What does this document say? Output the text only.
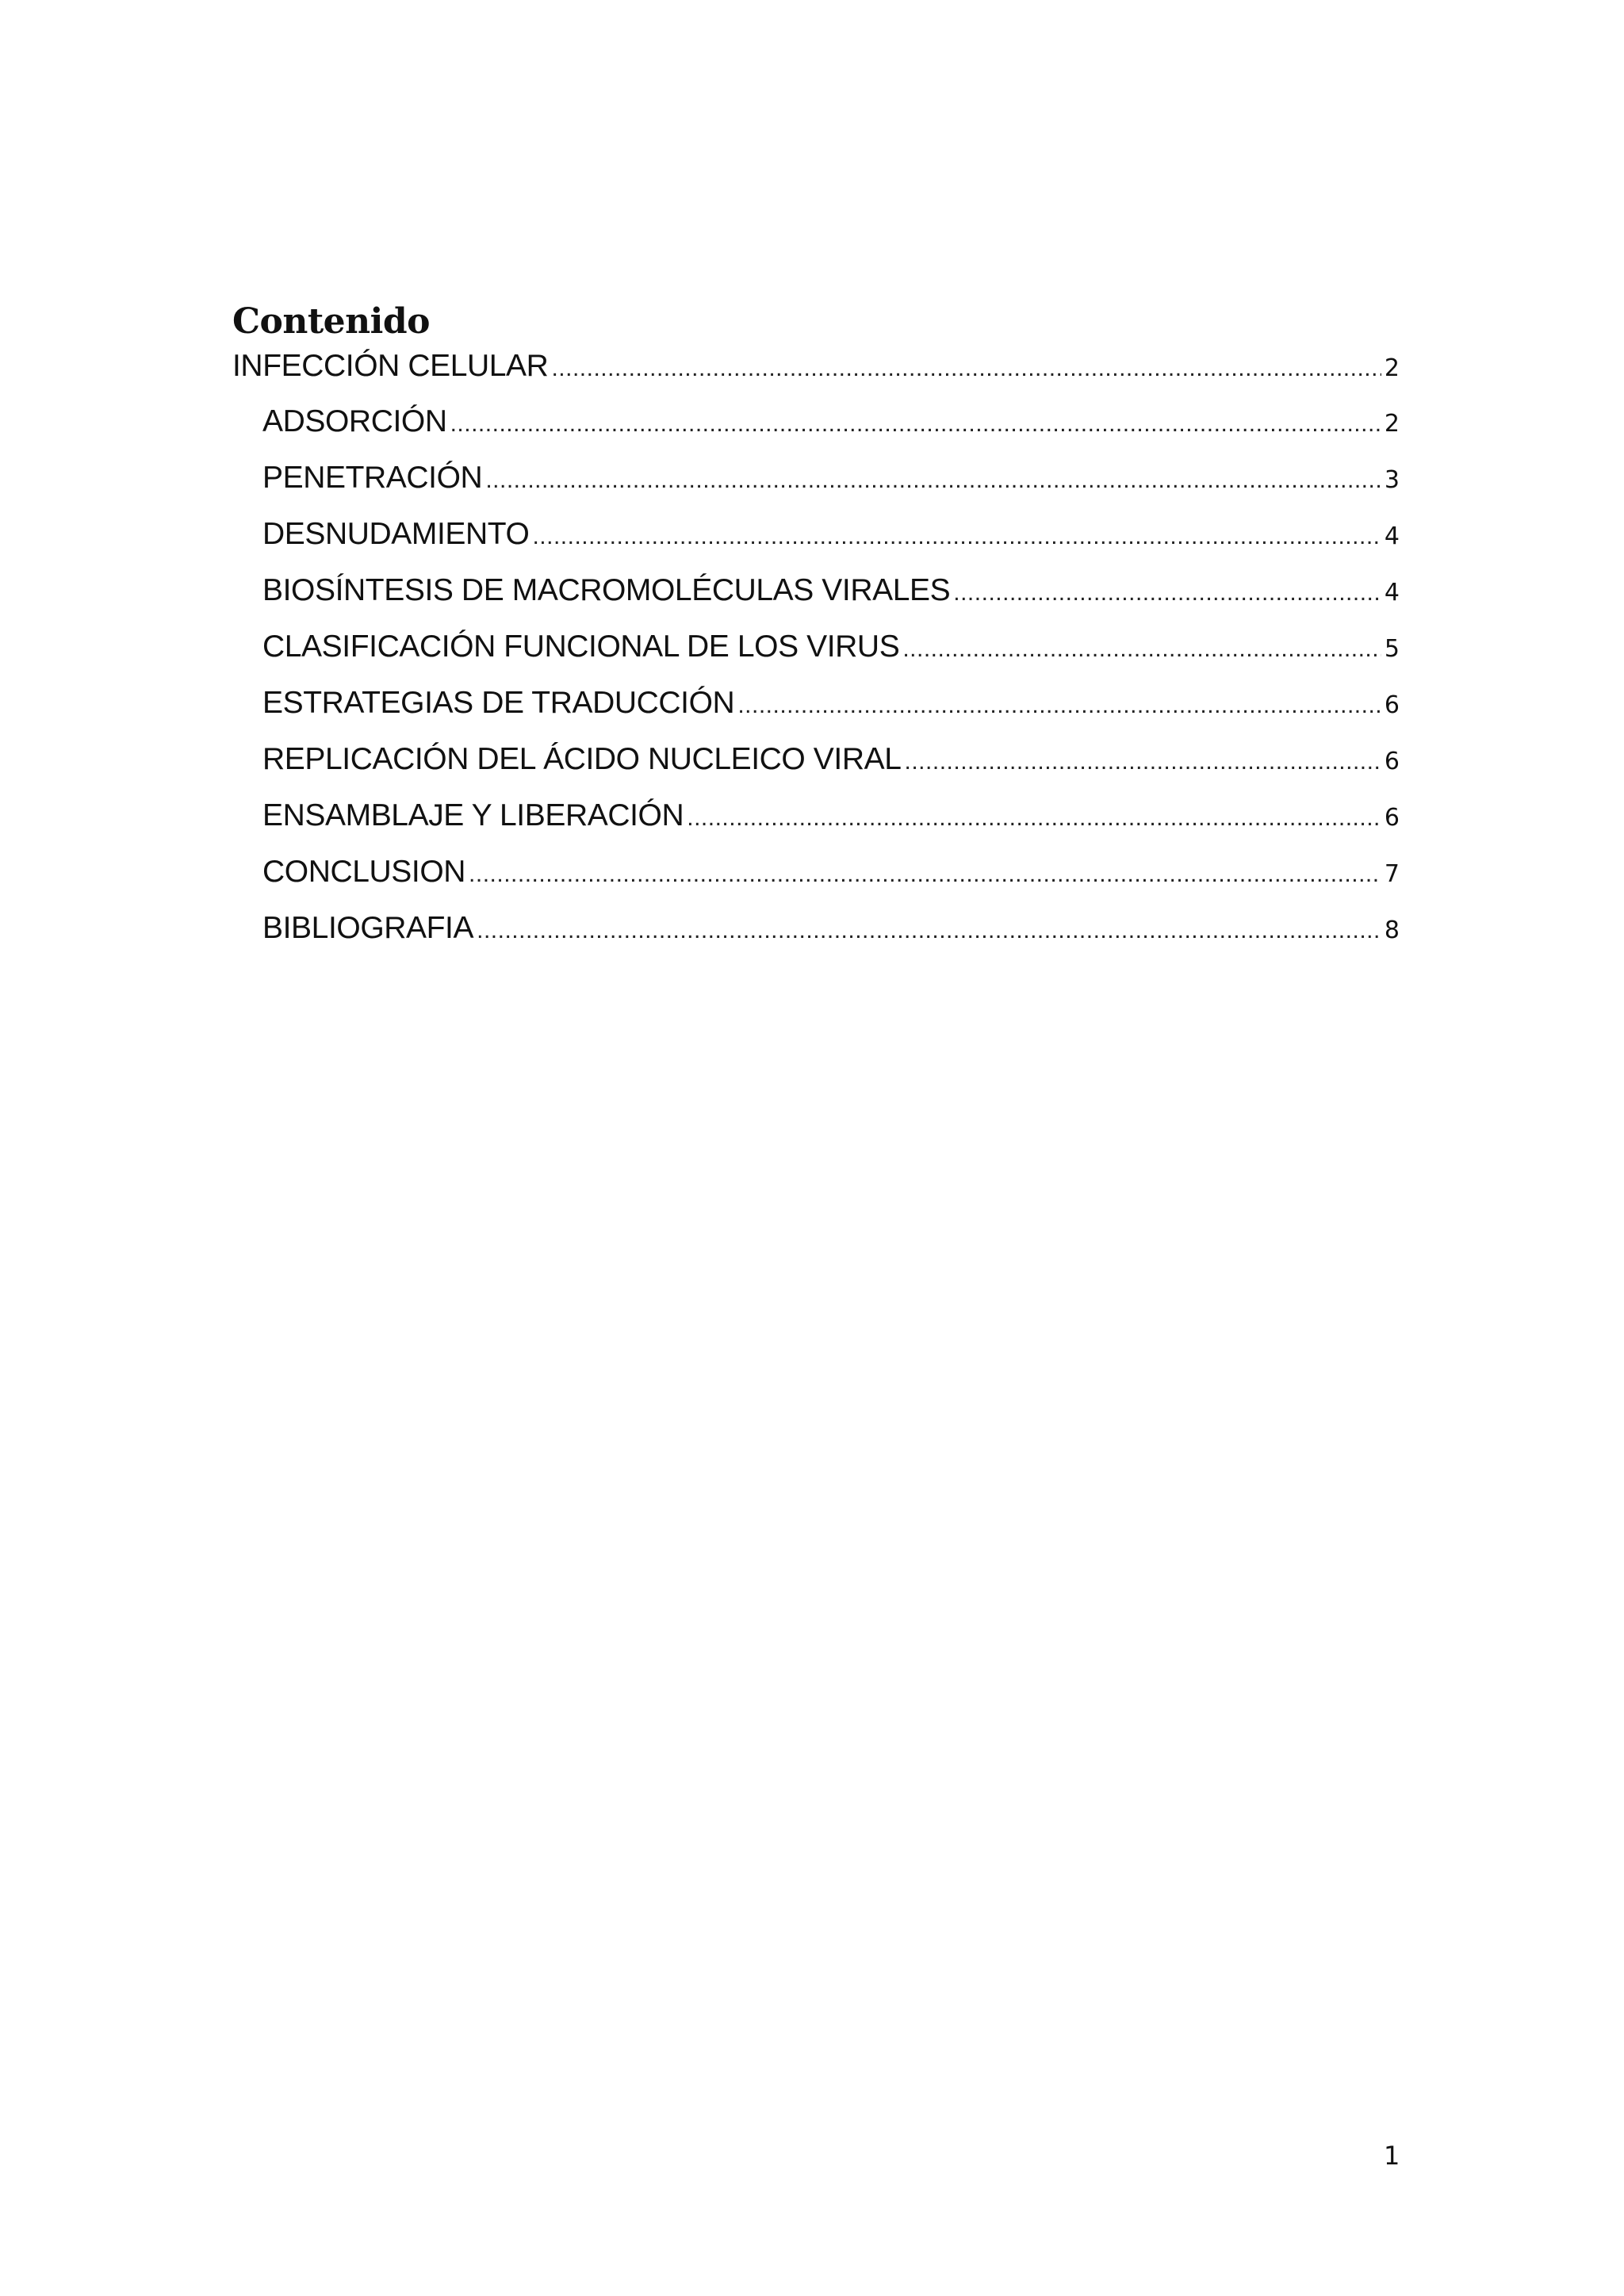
Contenido
INFECCIÓN CELULAR .....	2
ADSORCIÓN .....	2
PENETRACIÓN .....	3
DESNUDAMIENTO .....	4
BIOSÍNTESIS DE MACROMOLÉCULAS VIRALES .....	4
CLASIFICACIÓN FUNCIONAL DE LOS VIRUS .....	5
ESTRATEGIAS DE TRADUCCIÓN .....	6
REPLICACIÓN DEL ÁCIDO NUCLEICO VIRAL .....	6
ENSAMBLAJE Y LIBERACIÓN .....	6
CONCLUSION .....	7
BIBLIOGRAFIA .....	8
1
